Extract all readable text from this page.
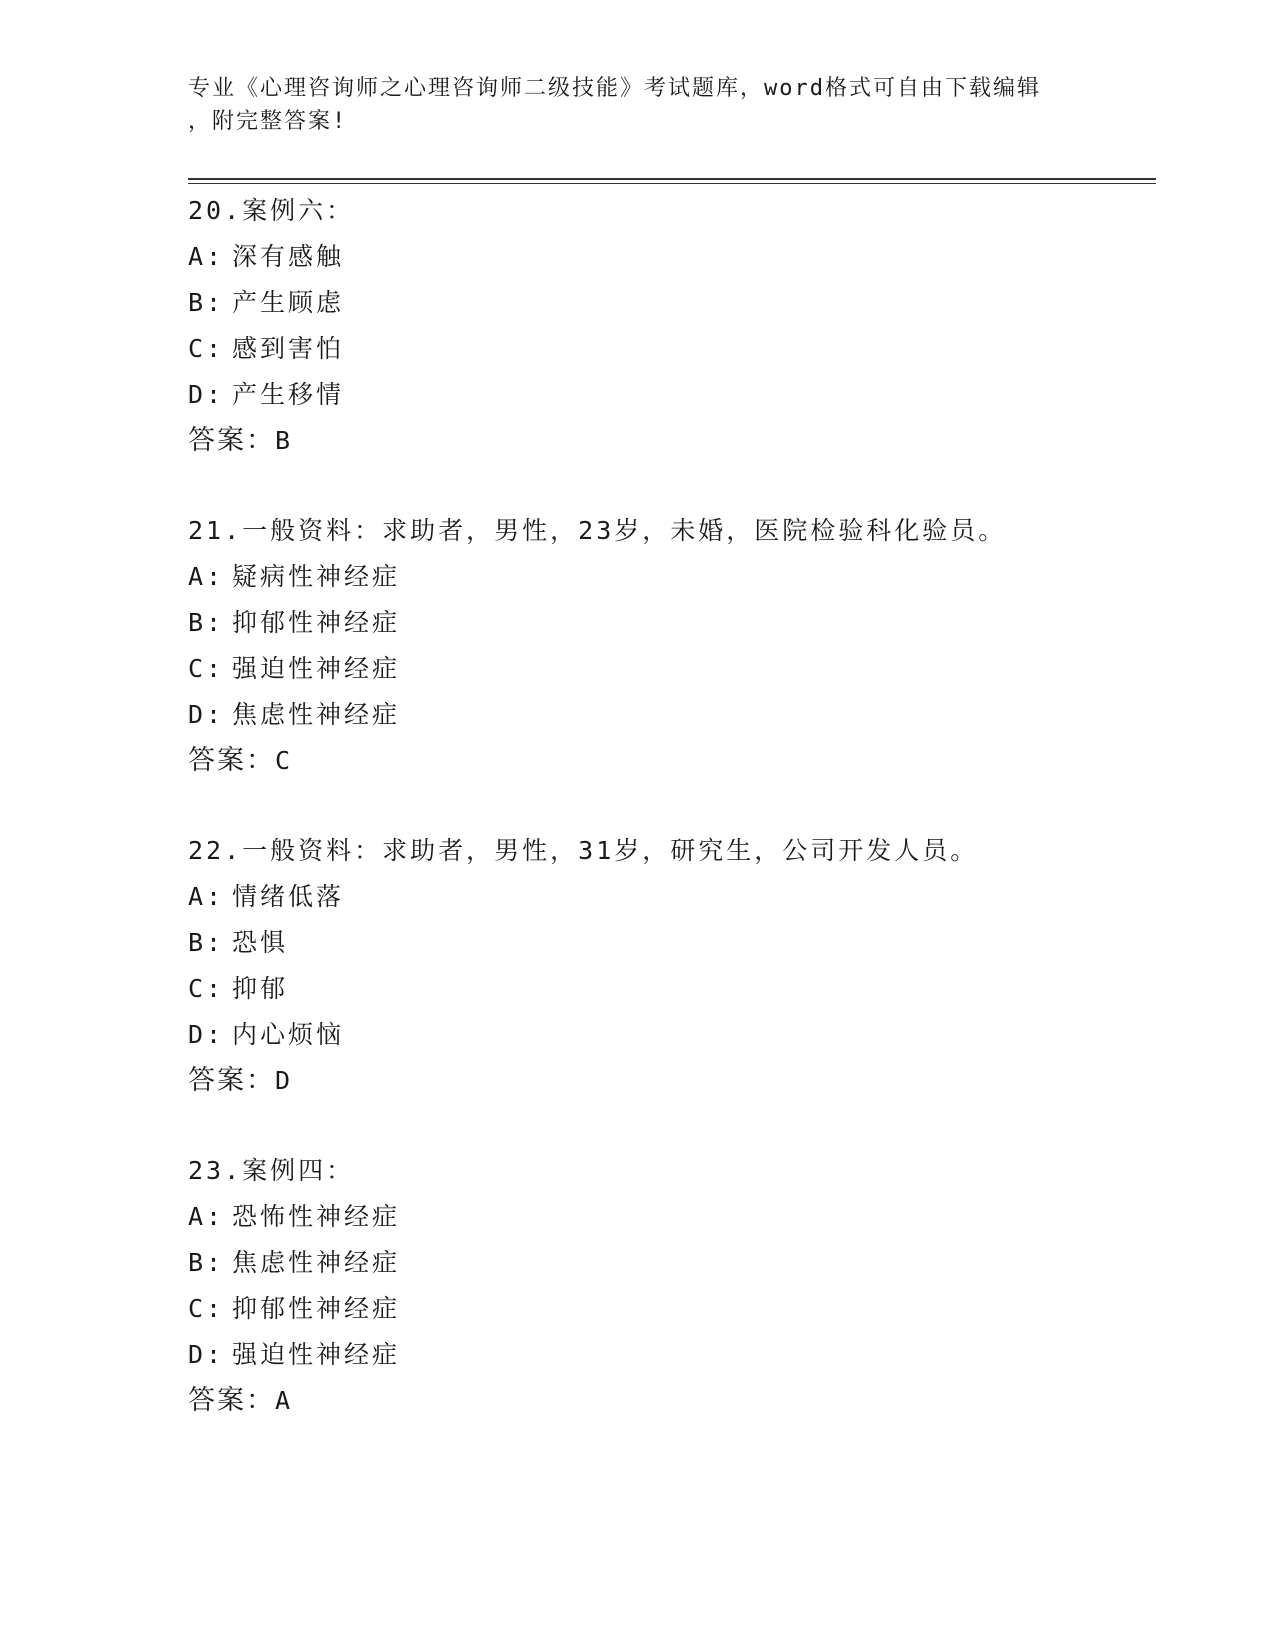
专业《心理咨询师之心理咨询师二级技能》考试题库，word格式可自由下载编辑
，附完整答案!
20.案例六：
A: 深有感触
B: 产生顾虑
C: 感到害怕
D: 产生移情
答案：B
21.一般资料：求助者，男性，23岁，未婚，医院检验科化验员。
A: 疑病性神经症
B: 抑郁性神经症
C: 强迫性神经症
D: 焦虑性神经症
答案：C
22.一般资料：求助者，男性，31岁，研究生，公司开发人员。
A: 情绪低落
B: 恐惧
C: 抑郁
D: 内心烦恼
答案：D
23.案例四：
A: 恐怖性神经症
B: 焦虑性神经症
C: 抑郁性神经症
D: 强迫性神经症
答案：A
